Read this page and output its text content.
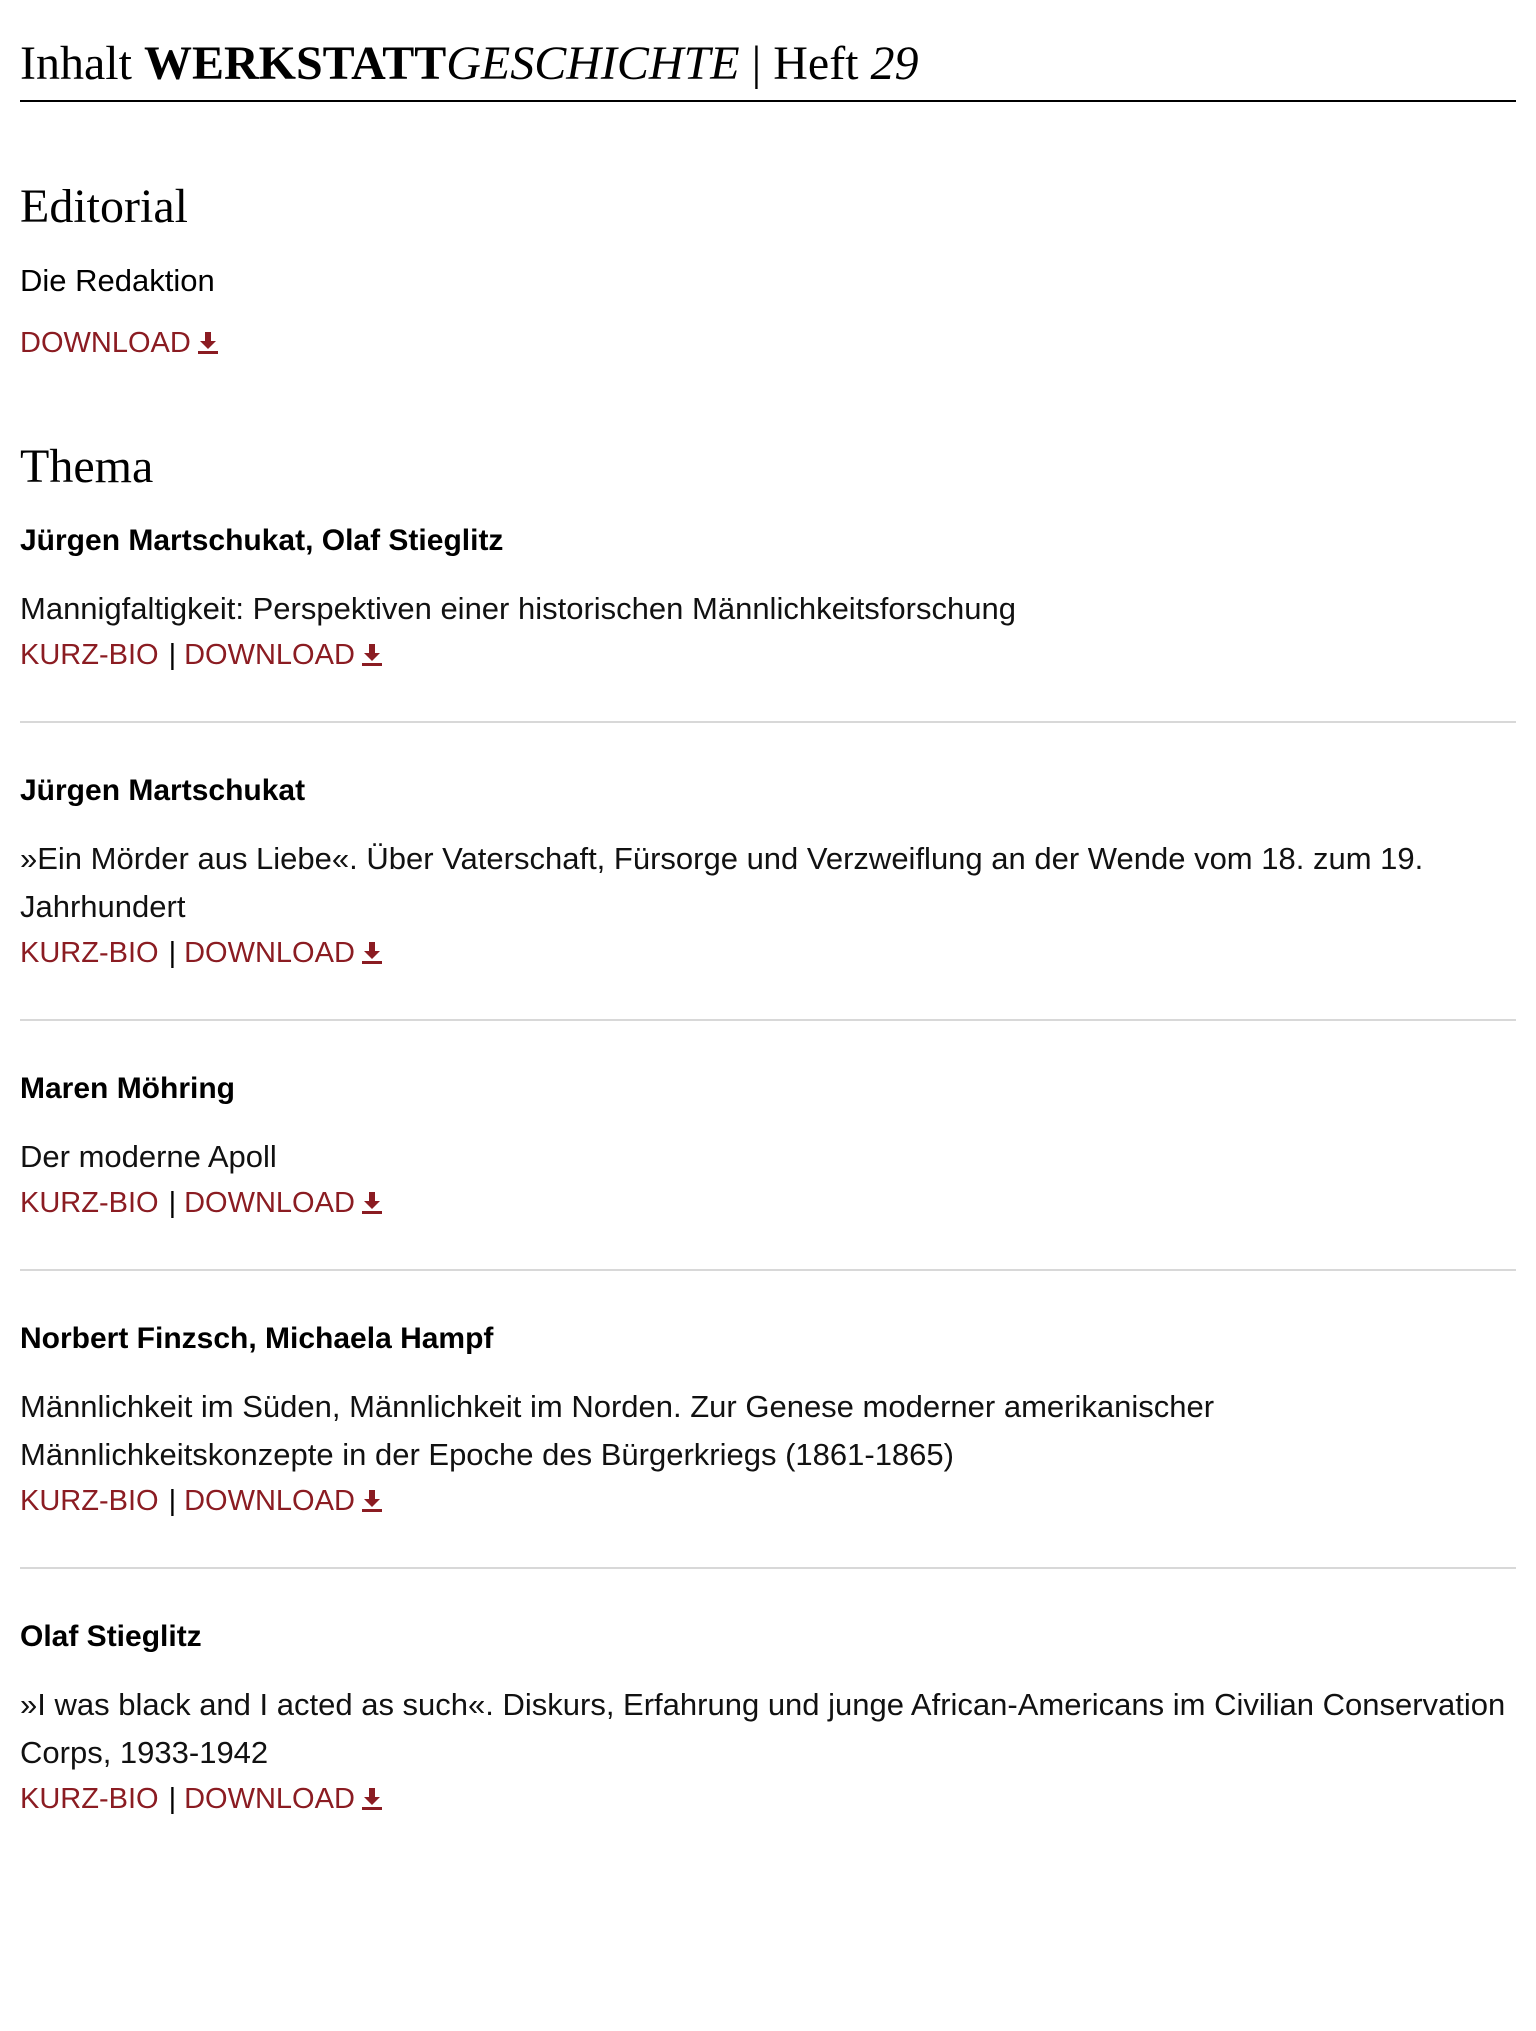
Inhalt WERKSTATTGESCHICHTE | Heft 29
Editorial
Die Redaktion
DOWNLOAD
Thema
Jürgen Martschukat, Olaf Stieglitz
Mannigfaltigkeit: Perspektiven einer historischen Männlichkeitsforschung
KURZ-BIO | DOWNLOAD
Jürgen Martschukat
»Ein Mörder aus Liebe«. Über Vaterschaft, Fürsorge und Verzweiflung an der Wende vom 18. zum 19. Jahrhundert
KURZ-BIO | DOWNLOAD
Maren Möhring
Der moderne Apoll
KURZ-BIO | DOWNLOAD
Norbert Finzsch, Michaela Hampf
Männlichkeit im Süden, Männlichkeit im Norden. Zur Genese moderner amerikanischer Männlichkeitskonzepte in der Epoche des Bürgerkriegs (1861-1865)
KURZ-BIO | DOWNLOAD
Olaf Stieglitz
»I was black and I acted as such«. Diskurs, Erfahrung und junge African-Americans im Civilian Conservation Corps, 1933-1942
KURZ-BIO | DOWNLOAD
